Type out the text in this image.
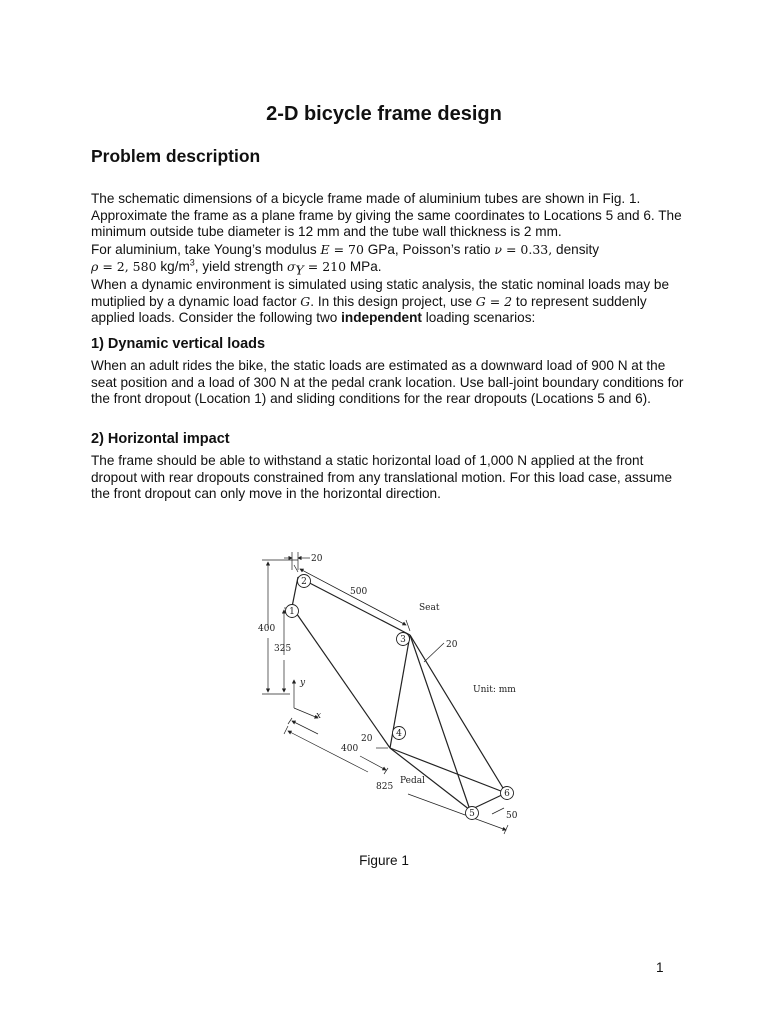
2-D bicycle frame design
Problem description

The schematic dimensions of a bicycle frame made of aluminium tubes are shown in Fig. 1. Approximate the frame as a plane frame by giving the same coordinates to Locations 5 and 6. The minimum outside tube diameter is 12 mm and the tube wall thickness is 2 mm.

For aluminium, take Young’s modulus E = 70 GPa, Poisson’s ratio ν = 0.33, density
ρ = 2, 580 $kg/m^3$, yield strength $\sigma_Y = 210$ MPa.

When a dynamic environment is simulated using static analysis, the static nominal loads may be mutiplied by a dynamic load factor G. In this design project, use G = 2 to represent suddenly applied loads. Consider the following two independent loading scenarios:

1) Dynamic vertical loads

When an adult rides the bike, the static loads are estimated as a downward load of 900 N at the seat position and a load of 300 N at the pedal crank location. Use ball-joint boundary conditions for the front dropout (Location 1) and sliding conditions for the rear dropouts (Locations 5 and 6).

2) Horizontal impact

The frame should be able to withstand a static horizontal load of 1,000 N applied at the front dropout with rear dropouts constrained from any translational motion. For this load case, assume the front dropout can only move in the horizontal direction.

1
2
3
4
5
6
20
500
400
325	20
20
400
825
50
Seat
Pedal
Unit: mm
y
x

Figure 1

1
